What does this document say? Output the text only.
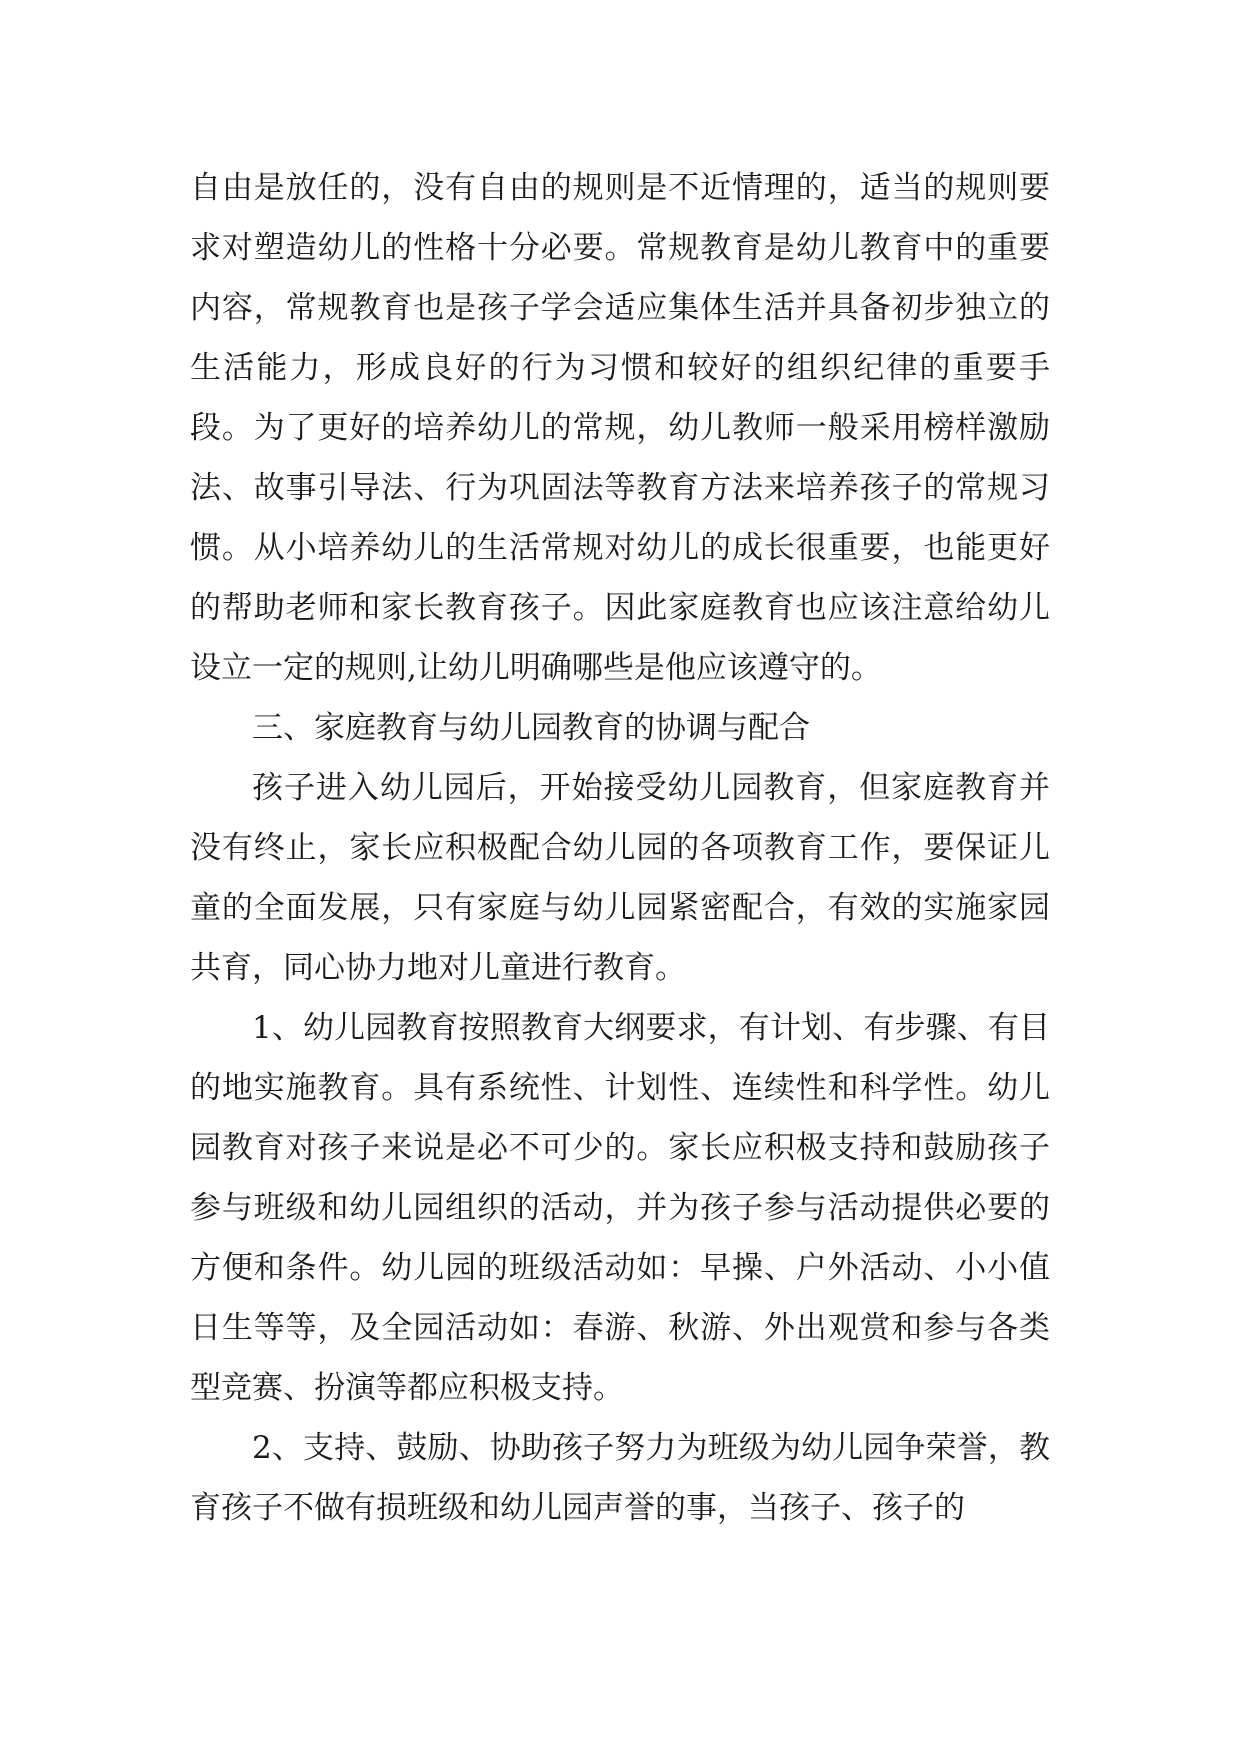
自由是放任的，没有自由的规则是不近情理的，适当的规则要求对塑造幼儿的性格十分必要。常规教育是幼儿教育中的重要内容，常规教育也是孩子学会适应集体生活并具备初步独立的生活能力，形成良好的行为习惯和较好的组织纪律的重要手段。为了更好的培养幼儿的常规，幼儿教师一般采用榜样激励法、故事引导法、行为巩固法等教育方法来培养孩子的常规习惯。从小培养幼儿的生活常规对幼儿的成长很重要，也能更好的帮助老师和家长教育孩子。因此家庭教育也应该注意给幼儿设立一定的规则,让幼儿明确哪些是他应该遵守的。

三、家庭教育与幼儿园教育的协调与配合

孩子进入幼儿园后，开始接受幼儿园教育，但家庭教育并没有终止，家长应积极配合幼儿园的各项教育工作，要保证儿童的全面发展，只有家庭与幼儿园紧密配合，有效的实施家园共育，同心协力地对儿童进行教育。

1、幼儿园教育按照教育大纲要求，有计划、有步骤、有目的地实施教育。具有系统性、计划性、连续性和科学性。幼儿园教育对孩子来说是必不可少的。家长应积极支持和鼓励孩子参与班级和幼儿园组织的活动，并为孩子参与活动提供必要的方便和条件。幼儿园的班级活动如：早操、户外活动、小小值日生等等，及全园活动如：春游、秋游、外出观赏和参与各类型竞赛、扮演等都应积极支持。

2、支持、鼓励、协助孩子努力为班级为幼儿园争荣誉，教育孩子不做有损班级和幼儿园声誉的事，当孩子、孩子的
